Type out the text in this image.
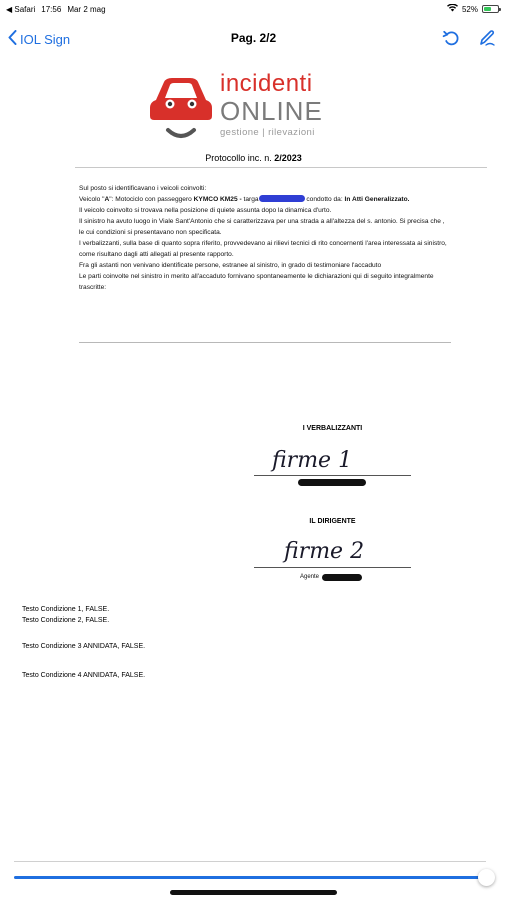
◀ Safari 17:56 Mar 2 mag	52%
IOL Sign	Pag. 2/2
incidenti
ONLINE
gestione | rilevazioni
Protocollo inc. n. 2/2023

Sul posto si identificavano i veicoli coinvolti:

Veicolo "A": Motociclo con passeggero KYMCO KM25 - targa	condotto da: In Atti Generalizzato.

Il veicolo coinvolto si trovava nella posizione di quiete assunta dopo la dinamica d'urto.

Il sinistro ha avuto luogo in Viale Sant'Antonio che si caratterizzava per una strada a all'altezza del s. antonio. Si precisa che , le cui condizioni si presentavano non specificata.

I verbalizzanti, sulla base di quanto sopra riferito, provvedevano ai rilievi tecnici di rito concernenti l'area interessata ai sinistro, come risultano dagli atti allegati al presente rapporto.

Fra gli astanti non venivano identificate persone, estranee al sinistro, in grado di testimoniare l'accaduto

Le parti coinvolte nel sinistro in merito all'accaduto fornivano spontaneamente le dichiarazioni qui di seguito integralmente trascritte:

I VERBALIZZANTI
firme 1
IL DIRIGENTE
firme 2
Agente

Testo Condizione 1, FALSE.

Testo Condizione 2, FALSE.

Testo Condizione 3 ANNIDATA, FALSE.

Testo Condizione 4 ANNIDATA, FALSE.
